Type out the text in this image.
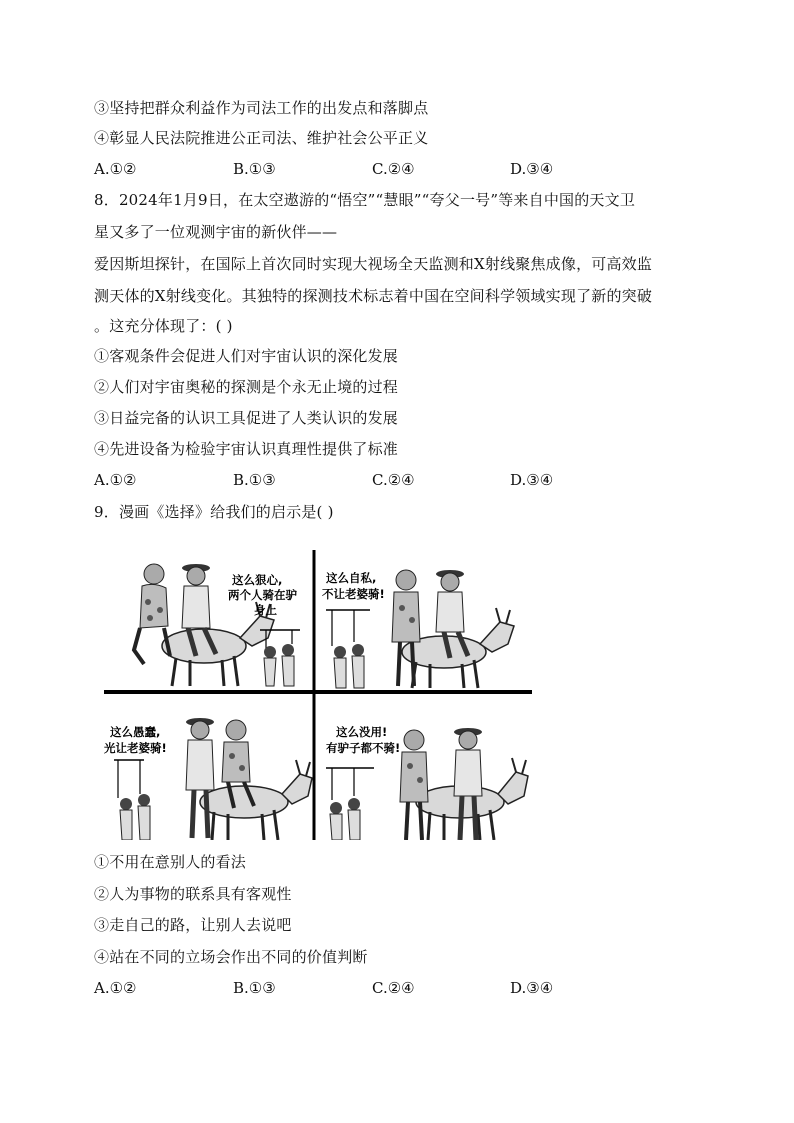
③坚持把群众利益作为司法工作的出发点和落脚点
④彰显人民法院推进公正司法、维护社会公平正义
A.①②	B.①③	C.②④	D.③④
8．2024年1月9日，在太空遨游的“悟空”“慧眼”“夸父一号”等来自中国的天文卫
星又多了一位观测宇宙的新伙伴——
爱因斯坦探针，在国际上首次同时实现大视场全天监测和X射线聚焦成像，可高效监
测天体的X射线变化。其独特的探测技术标志着中国在空间科学领域实现了新的突破
。这充分体现了：( )
①客观条件会促进人们对宇宙认识的深化发展
②人们对宇宙奥秘的探测是个永无止境的过程
③日益完备的认识工具促进了人类认识的发展
④先进设备为检验宇宙认识真理性提供了标准
A.①②	B.①③	C.②④	D.③④
9．漫画《选择》给我们的启示是( )
这么狠心,
两个人骑在驴
身上
这么自私,
不让老婆骑!
这么愚蠢,
光让老婆骑!
这么没用!
有驴子都不骑!
①不用在意别人的看法
②人为事物的联系具有客观性
③走自己的路，让别人去说吧
④站在不同的立场会作出不同的价值判断
A.①②	B.①③	C.②④	D.③④
